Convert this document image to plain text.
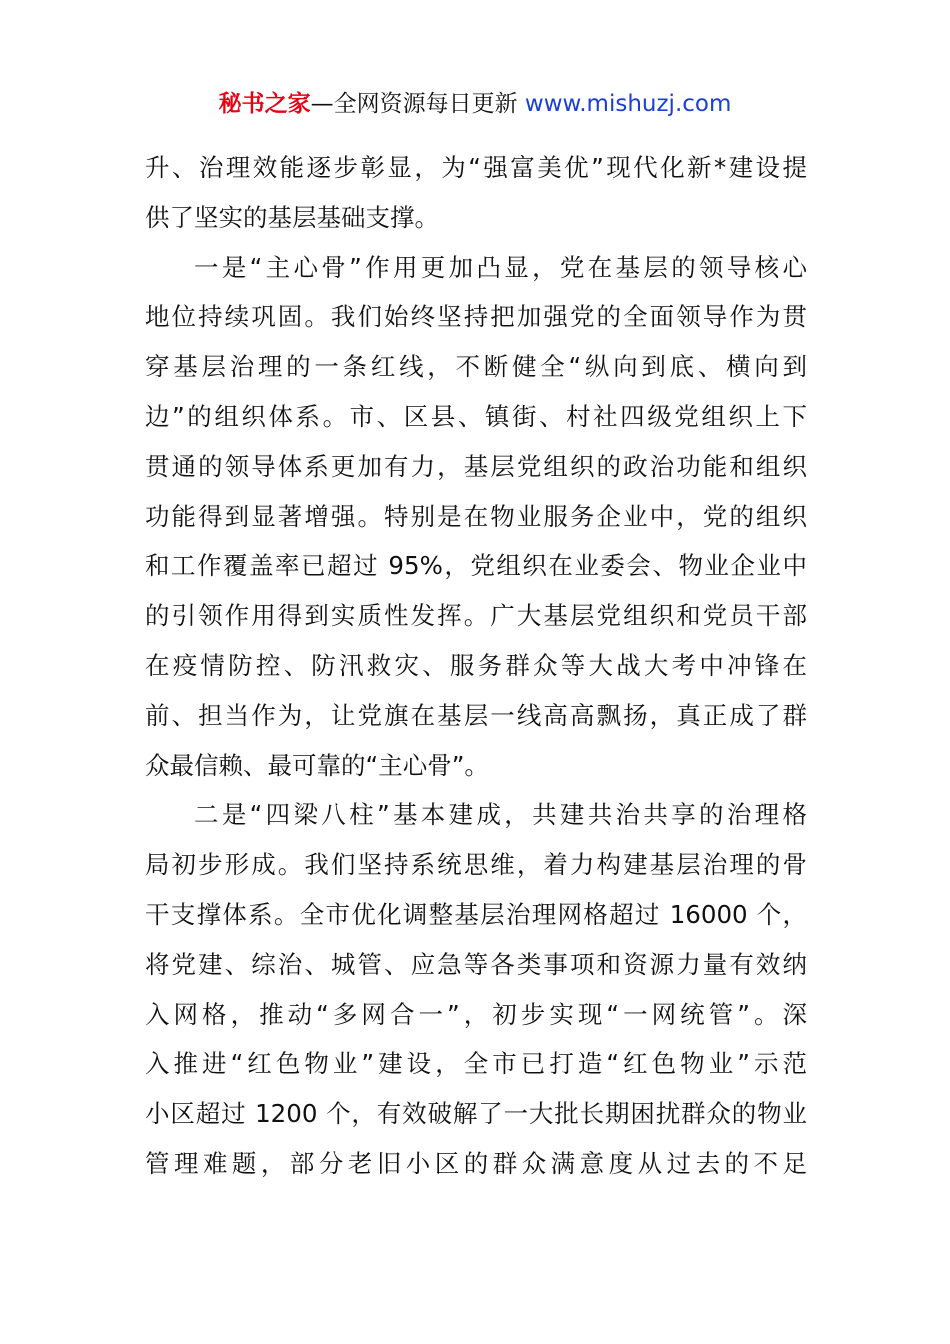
秘书之家—全网资源每日更新 www.mishuzj.com
升、治理效能逐步彰显，为“强富美优”现代化新*建设提
供了坚实的基层基础支撑。
一是“主心骨”作用更加凸显，党在基层的领导核心
地位持续巩固。我们始终坚持把加强党的全面领导作为贯
穿基层治理的一条红线，不断健全“纵向到底、横向到
边”的组织体系。市、区县、镇街、村社四级党组织上下
贯通的领导体系更加有力，基层党组织的政治功能和组织
功能得到显著增强。特别是在物业服务企业中，党的组织
和工作覆盖率已超过 95%，党组织在业委会、物业企业中
的引领作用得到实质性发挥。广大基层党组织和党员干部
在疫情防控、防汛救灾、服务群众等大战大考中冲锋在
前、担当作为，让党旗在基层一线高高飘扬，真正成了群
众最信赖、最可靠的“主心骨”。
二是“四梁八柱”基本建成，共建共治共享的治理格
局初步形成。我们坚持系统思维，着力构建基层治理的骨
干支撑体系。全市优化调整基层治理网格超过 16000 个，
将党建、综治、城管、应急等各类事项和资源力量有效纳
入网格，推动“多网合一”，初步实现“一网统管”。深
入推进“红色物业”建设，全市已打造“红色物业”示范
小区超过 1200 个，有效破解了一大批长期困扰群众的物业
管理难题，部分老旧小区的群众满意度从过去的不足
